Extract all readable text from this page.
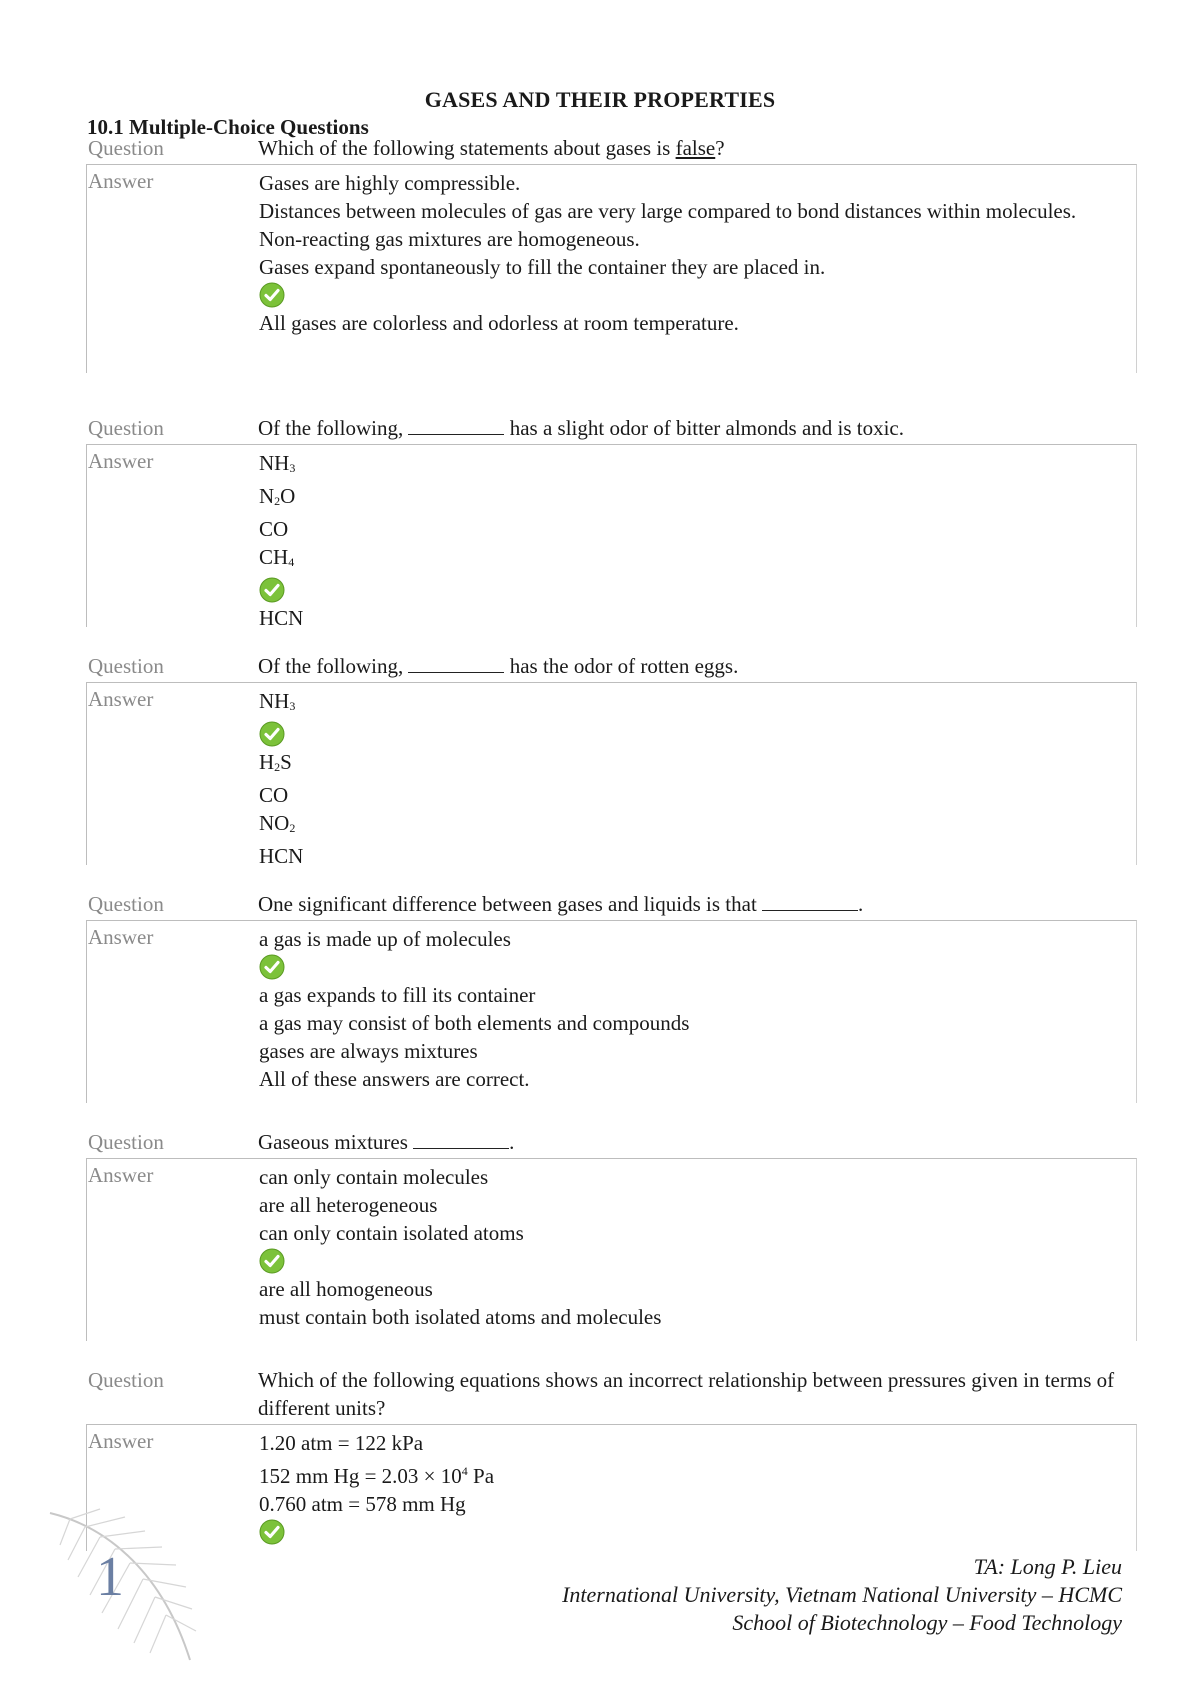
GASES AND THEIR PROPERTIES
10.1 Multiple-Choice Questions
Question	Which of the following statements about gases is false?
Answer	Gases are highly compressible.
Distances between molecules of gas are very large compared to bond distances within molecules.
Non-reacting gas mixtures are homogeneous.
Gases expand spontaneously to fill the container they are placed in.
All gases are colorless and odorless at room temperature.
Question	Of the following,	has a slight odor of bitter almonds and is toxic.
Answer	$NH_3$
$N_2O$
CO
$CH_4$
HCN
Question	Of the following,	has the odor of rotten eggs.
Answer	$NH_3$
$H_2S$
CO
$NO_2$
HCN
Question	One significant difference between gases and liquids is that	.
Answer	a gas is made up of molecules
a gas expands to fill its container
a gas may consist of both elements and compounds
gases are always mixtures
All of these answers are correct.
Question	Gaseous mixtures	.
Answer	can only contain molecules
are all heterogeneous
can only contain isolated atoms
are all homogeneous
must contain both isolated atoms and molecules
Question	Which of the following equations shows an incorrect relationship between pressures given in terms of different units?
Answer	1.20 atm = 122 kPa
152 mm $Hg = 2.03 \times 10^4$ Pa
0.760 atm = 578 mm Hg
1	TA: Long P. Lieu
International University, Vietnam National University – HCMC
School of Biotechnology – Food Technology
